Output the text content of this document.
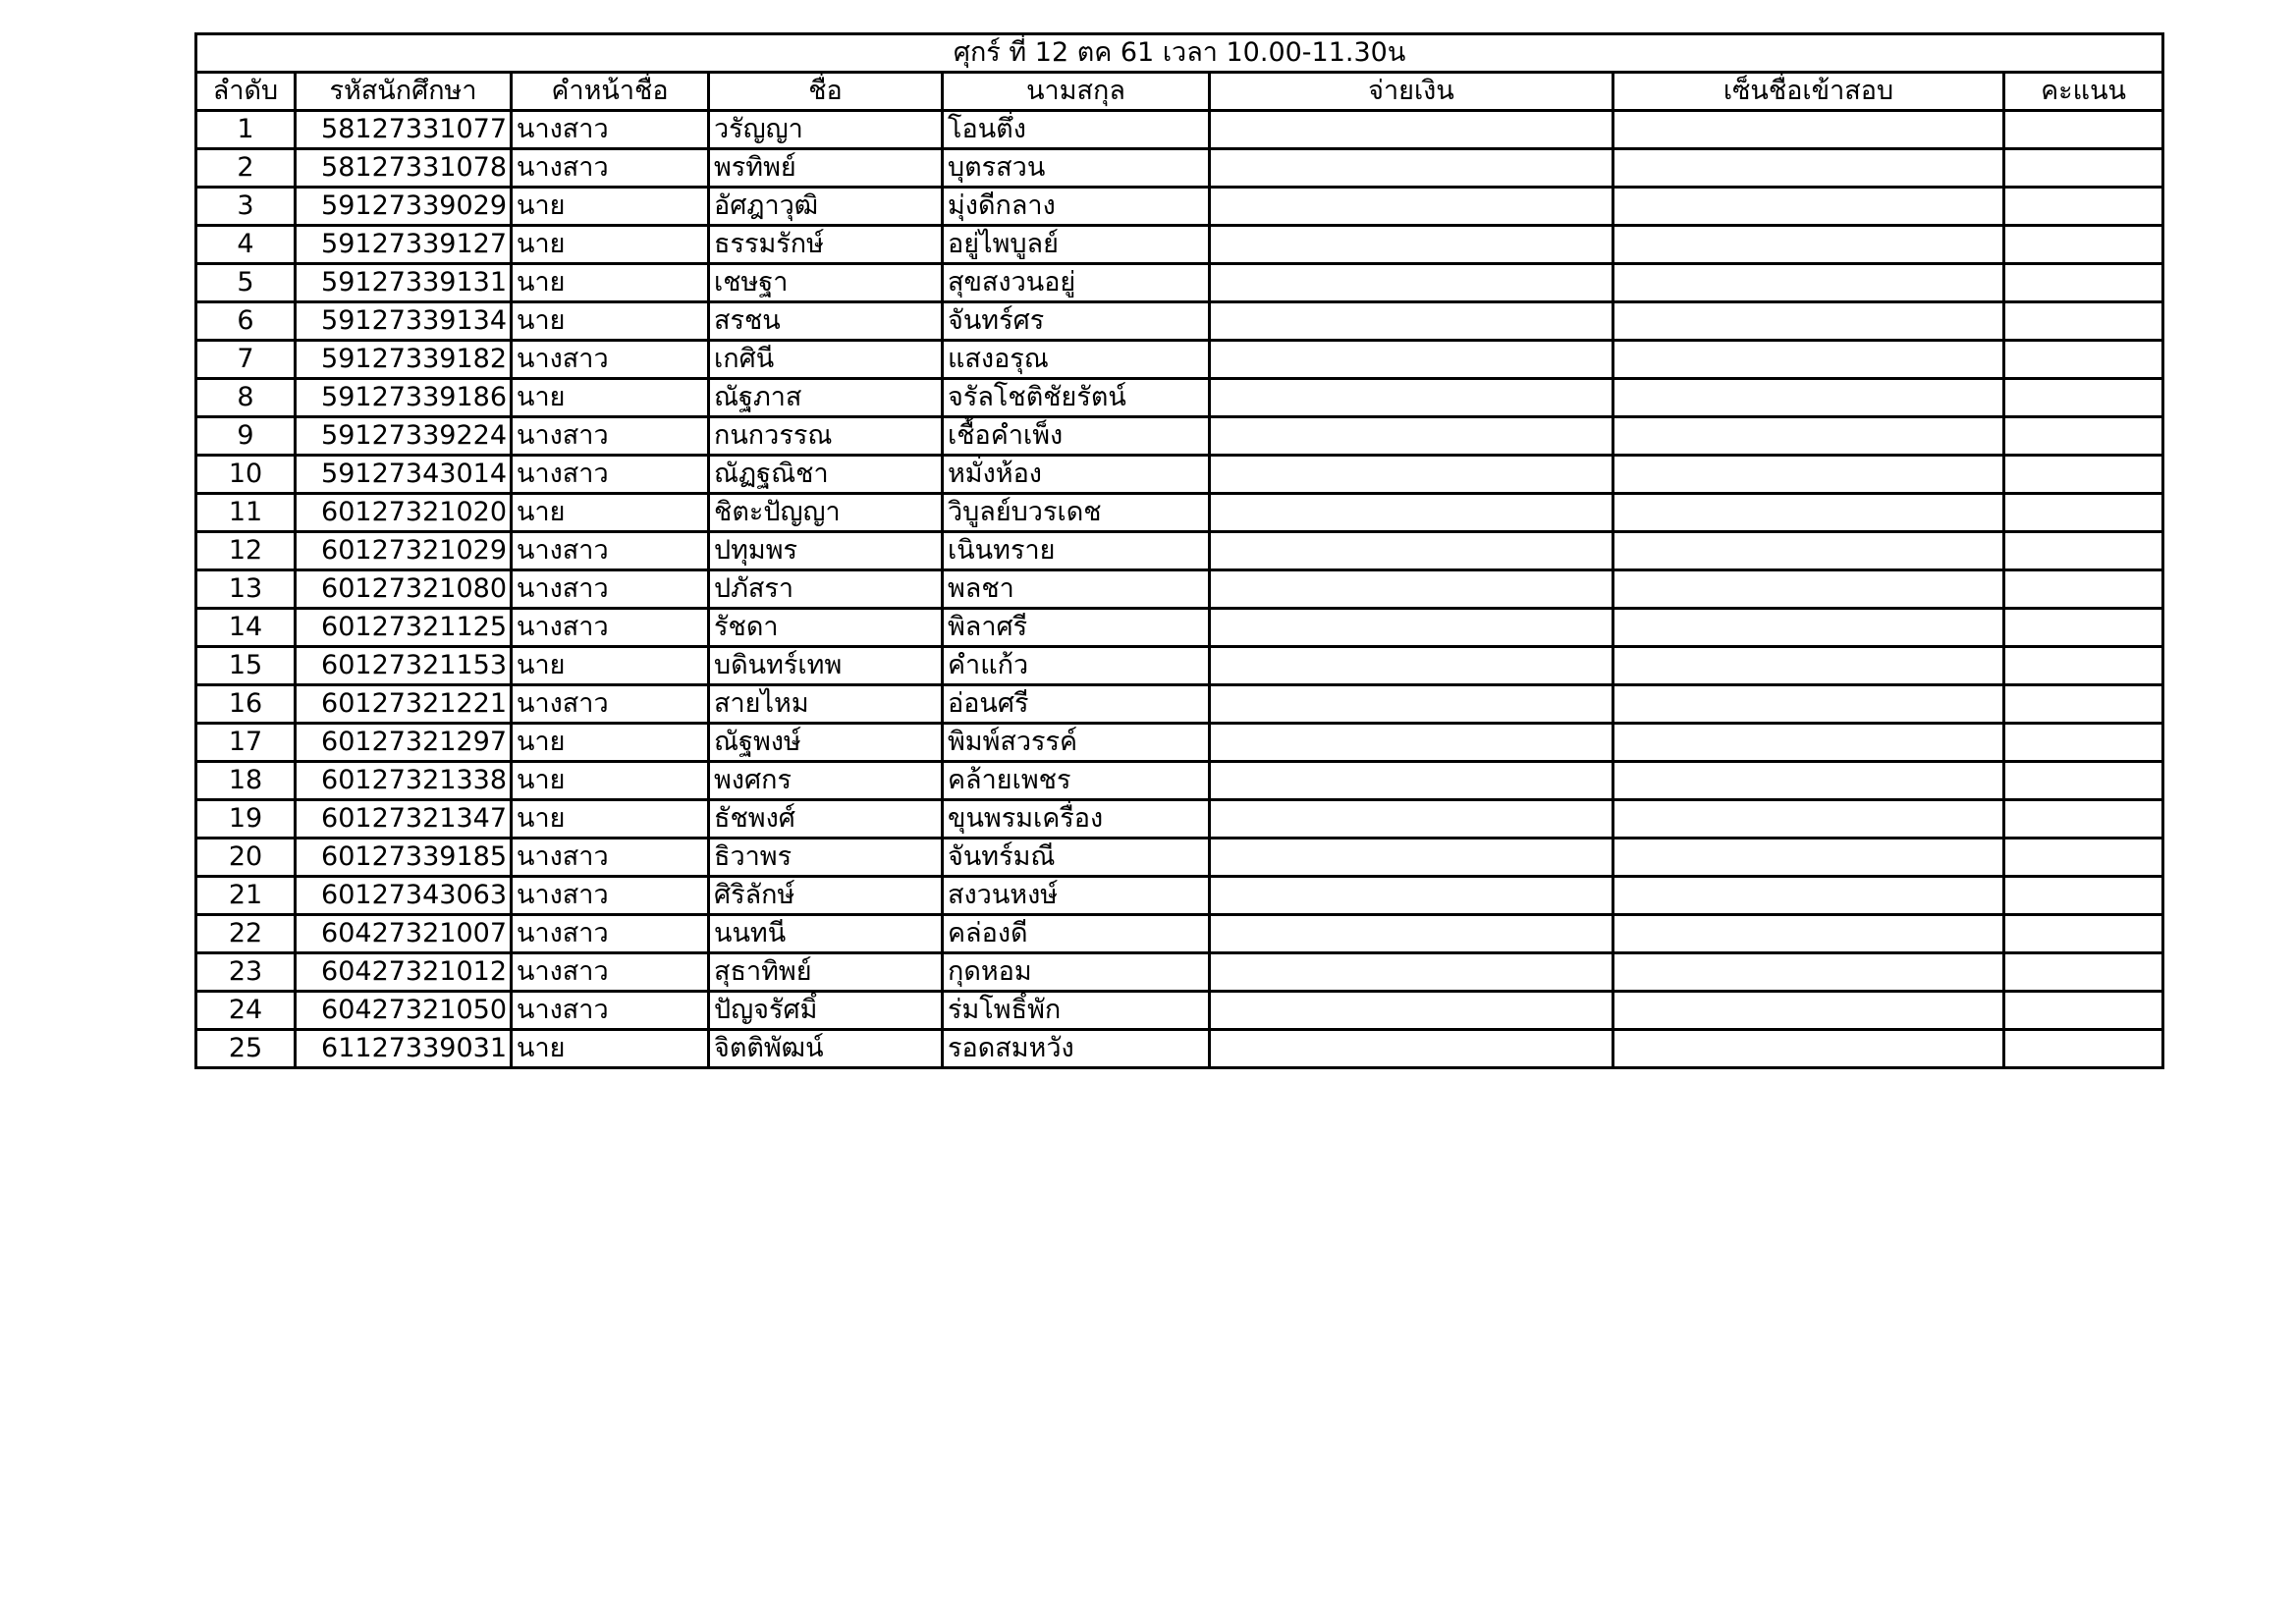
ศุกร์ ที่ 12 ตค 61 เวลา 10.00-11.30น							
ลำดับ	รหัสนักศึกษา	คำหน้าชื่อ	ชื่อ	นามสกุล	จ่ายเงิน	เซ็นชื่อเข้าสอบ	คะแนน
1	58127331077	นางสาว	วรัญญา	โอนตึ่ง			
2	58127331078	นางสาว	พรทิพย์	บุตรสวน			
3	59127339029	นาย	อัศฎาวุฒิ	มุ่งดีกลาง			
4	59127339127	นาย	ธรรมรักษ์	อยู่ไพบูลย์			
5	59127339131	นาย	เชษฐา	สุขสงวนอยู่			
6	59127339134	นาย	สรชน	จันทร์ศร			
7	59127339182	นางสาว	เกศินี	แสงอรุณ			
8	59127339186	นาย	ณัฐภาส	จรัลโชติชัยรัตน์			
9	59127339224	นางสาว	กนกวรรณ	เชื้อคำเพ็ง			
10	59127343014	นางสาว	ณัฏฐณิชา	หมั่งห้อง			
11	60127321020	นาย	ชิตะปัญญา	วิบูลย์บวรเดช			
12	60127321029	นางสาว	ปทุมพร	เนินทราย			
13	60127321080	นางสาว	ปภัสรา	พลชา			
14	60127321125	นางสาว	รัชดา	พิลาศรี			
15	60127321153	นาย	บดินทร์เทพ	คำแก้ว			
16	60127321221	นางสาว	สายไหม	อ่อนศรี			
17	60127321297	นาย	ณัฐพงษ์	พิมพ์สวรรค์			
18	60127321338	นาย	พงศกร	คล้ายเพชร			
19	60127321347	นาย	ธัชพงศ์	ขุนพรมเครื่อง			
20	60127339185	นางสาว	ธิวาพร	จันทร์มณี			
21	60127343063	นางสาว	ศิริลักษ์	สงวนหงษ์			
22	60427321007	นางสาว	นนทนี	คล่องดี			
23	60427321012	นางสาว	สุธาทิพย์	กุดหอม			
24	60427321050	นางสาว	ปัญจรัศมิ์	ร่มโพธิ์พัก			
25	61127339031	นาย	จิตติพัฒน์	รอดสมหวัง			
